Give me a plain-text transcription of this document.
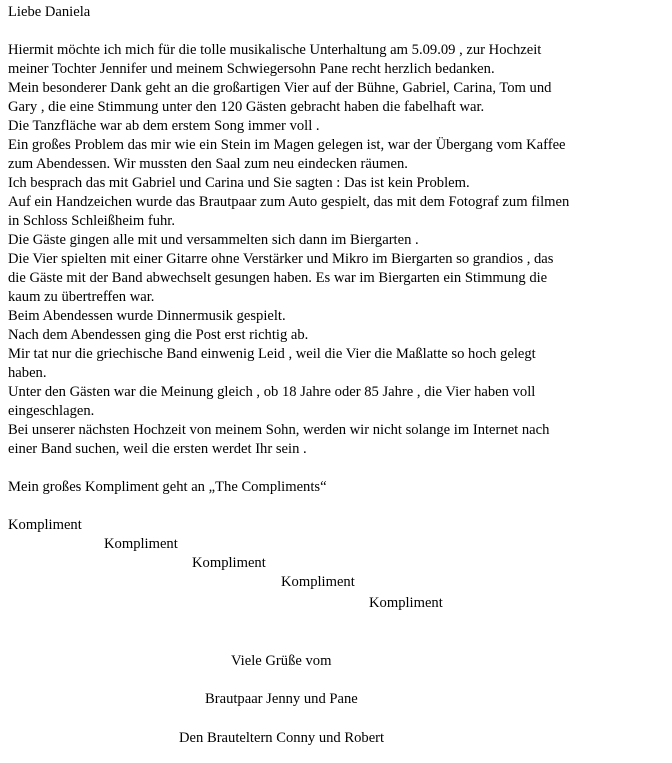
Liebe Daniela
Hiermit möchte ich mich für die tolle musikalische Unterhaltung am 5.09.09 , zur Hochzeit
meiner Tochter Jennifer und meinem Schwiegersohn Pane recht herzlich bedanken.
Mein besonderer Dank geht an die großartigen Vier auf der Bühne, Gabriel, Carina, Tom und
Gary , die eine Stimmung unter den 120 Gästen gebracht haben die fabelhaft war.
Die Tanzfläche war ab dem erstem Song immer voll .
Ein großes Problem das mir wie ein Stein im Magen gelegen ist, war der Übergang vom Kaffee
zum Abendessen. Wir mussten den Saal zum neu eindecken räumen.
Ich besprach das mit Gabriel und Carina und Sie sagten : Das ist kein Problem.
Auf ein Handzeichen wurde das Brautpaar zum Auto gespielt, das mit dem Fotograf zum filmen
in Schloss Schleißheim fuhr.
Die Gäste gingen alle mit und versammelten sich dann im Biergarten .
Die Vier spielten mit einer Gitarre ohne Verstärker und Mikro im Biergarten so grandios , das
die Gäste mit der Band abwechselt gesungen haben. Es war im Biergarten ein Stimmung die
kaum zu übertreffen war.
Beim Abendessen wurde Dinnermusik gespielt.
Nach dem Abendessen ging die Post erst richtig ab.
Mir tat nur die griechische Band einwenig Leid , weil die Vier die Maßlatte so hoch gelegt
haben.
Unter den Gästen war die Meinung gleich , ob 18 Jahre oder 85 Jahre , die Vier haben voll
eingeschlagen.
Bei unserer nächsten Hochzeit von meinem Sohn, werden wir nicht solange im Internet nach
einer Band suchen, weil die ersten werdet Ihr sein .
Mein großes Kompliment geht an „The Compliments“
Kompliment
Kompliment
Kompliment
Kompliment
Kompliment
Viele Grüße vom
Brautpaar Jenny und Pane
Den Brauteltern Conny und Robert
